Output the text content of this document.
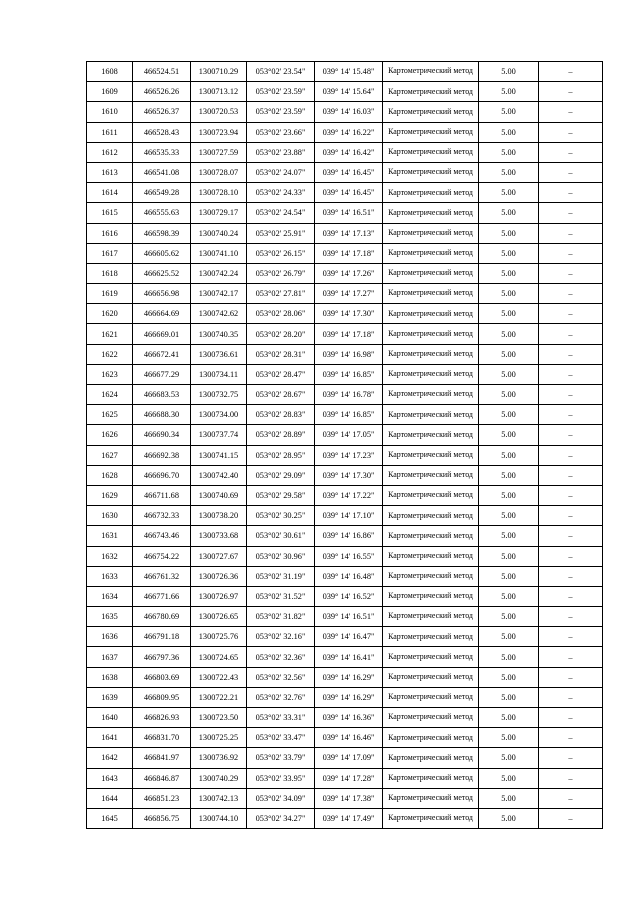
1608	466524.51	1300710.29	053°02' 23.54"	039° 14' 15.48"	Картометрический метод	5.00	–
1609	466526.26	1300713.12	053°02' 23.59"	039° 14' 15.64"	Картометрический метод	5.00	–
1610	466526.37	1300720.53	053°02' 23.59"	039° 14' 16.03"	Картометрический метод	5.00	–
1611	466528.43	1300723.94	053°02' 23.66"	039° 14' 16.22"	Картометрический метод	5.00	–
1612	466535.33	1300727.59	053°02' 23.88"	039° 14' 16.42"	Картометрический метод	5.00	–
1613	466541.08	1300728.07	053°02' 24.07"	039° 14' 16.45"	Картометрический метод	5.00	–
1614	466549.28	1300728.10	053°02' 24.33"	039° 14' 16.45"	Картометрический метод	5.00	–
1615	466555.63	1300729.17	053°02' 24.54"	039° 14' 16.51"	Картометрический метод	5.00	–
1616	466598.39	1300740.24	053°02' 25.91"	039° 14' 17.13"	Картометрический метод	5.00	–
1617	466605.62	1300741.10	053°02' 26.15"	039° 14' 17.18"	Картометрический метод	5.00	–
1618	466625.52	1300742.24	053°02' 26.79"	039° 14' 17.26"	Картометрический метод	5.00	–
1619	466656.98	1300742.17	053°02' 27.81"	039° 14' 17.27"	Картометрический метод	5.00	–
1620	466664.69	1300742.62	053°02' 28.06"	039° 14' 17.30"	Картометрический метод	5.00	–
1621	466669.01	1300740.35	053°02' 28.20"	039° 14' 17.18"	Картометрический метод	5.00	–
1622	466672.41	1300736.61	053°02' 28.31"	039° 14' 16.98"	Картометрический метод	5.00	–
1623	466677.29	1300734.11	053°02' 28.47"	039° 14' 16.85"	Картометрический метод	5.00	–
1624	466683.53	1300732.75	053°02' 28.67"	039° 14' 16.78"	Картометрический метод	5.00	–
1625	466688.30	1300734.00	053°02' 28.83"	039° 14' 16.85"	Картометрический метод	5.00	–
1626	466690.34	1300737.74	053°02' 28.89"	039° 14' 17.05"	Картометрический метод	5.00	–
1627	466692.38	1300741.15	053°02' 28.95"	039° 14' 17.23"	Картометрический метод	5.00	–
1628	466696.70	1300742.40	053°02' 29.09"	039° 14' 17.30"	Картометрический метод	5.00	–
1629	466711.68	1300740.69	053°02' 29.58"	039° 14' 17.22"	Картометрический метод	5.00	–
1630	466732.33	1300738.20	053°02' 30.25"	039° 14' 17.10"	Картометрический метод	5.00	–
1631	466743.46	1300733.68	053°02' 30.61"	039° 14' 16.86"	Картометрический метод	5.00	–
1632	466754.22	1300727.67	053°02' 30.96"	039° 14' 16.55"	Картометрический метод	5.00	–
1633	466761.32	1300726.36	053°02' 31.19"	039° 14' 16.48"	Картометрический метод	5.00	–
1634	466771.66	1300726.97	053°02' 31.52"	039° 14' 16.52"	Картометрический метод	5.00	–
1635	466780.69	1300726.65	053°02' 31.82"	039° 14' 16.51"	Картометрический метод	5.00	–
1636	466791.18	1300725.76	053°02' 32.16"	039° 14' 16.47"	Картометрический метод	5.00	–
1637	466797.36	1300724.65	053°02' 32.36"	039° 14' 16.41"	Картометрический метод	5.00	–
1638	466803.69	1300722.43	053°02' 32.56"	039° 14' 16.29"	Картометрический метод	5.00	–
1639	466809.95	1300722.21	053°02' 32.76"	039° 14' 16.29"	Картометрический метод	5.00	–
1640	466826.93	1300723.50	053°02' 33.31"	039° 14' 16.36"	Картометрический метод	5.00	–
1641	466831.70	1300725.25	053°02' 33.47"	039° 14' 16.46"	Картометрический метод	5.00	–
1642	466841.97	1300736.92	053°02' 33.79"	039° 14' 17.09"	Картометрический метод	5.00	–
1643	466846.87	1300740.29	053°02' 33.95"	039° 14' 17.28"	Картометрический метод	5.00	–
1644	466851.23	1300742.13	053°02' 34.09"	039° 14' 17.38"	Картометрический метод	5.00	–
1645	466856.75	1300744.10	053°02' 34.27"	039° 14' 17.49"	Картометрический метод	5.00	–
